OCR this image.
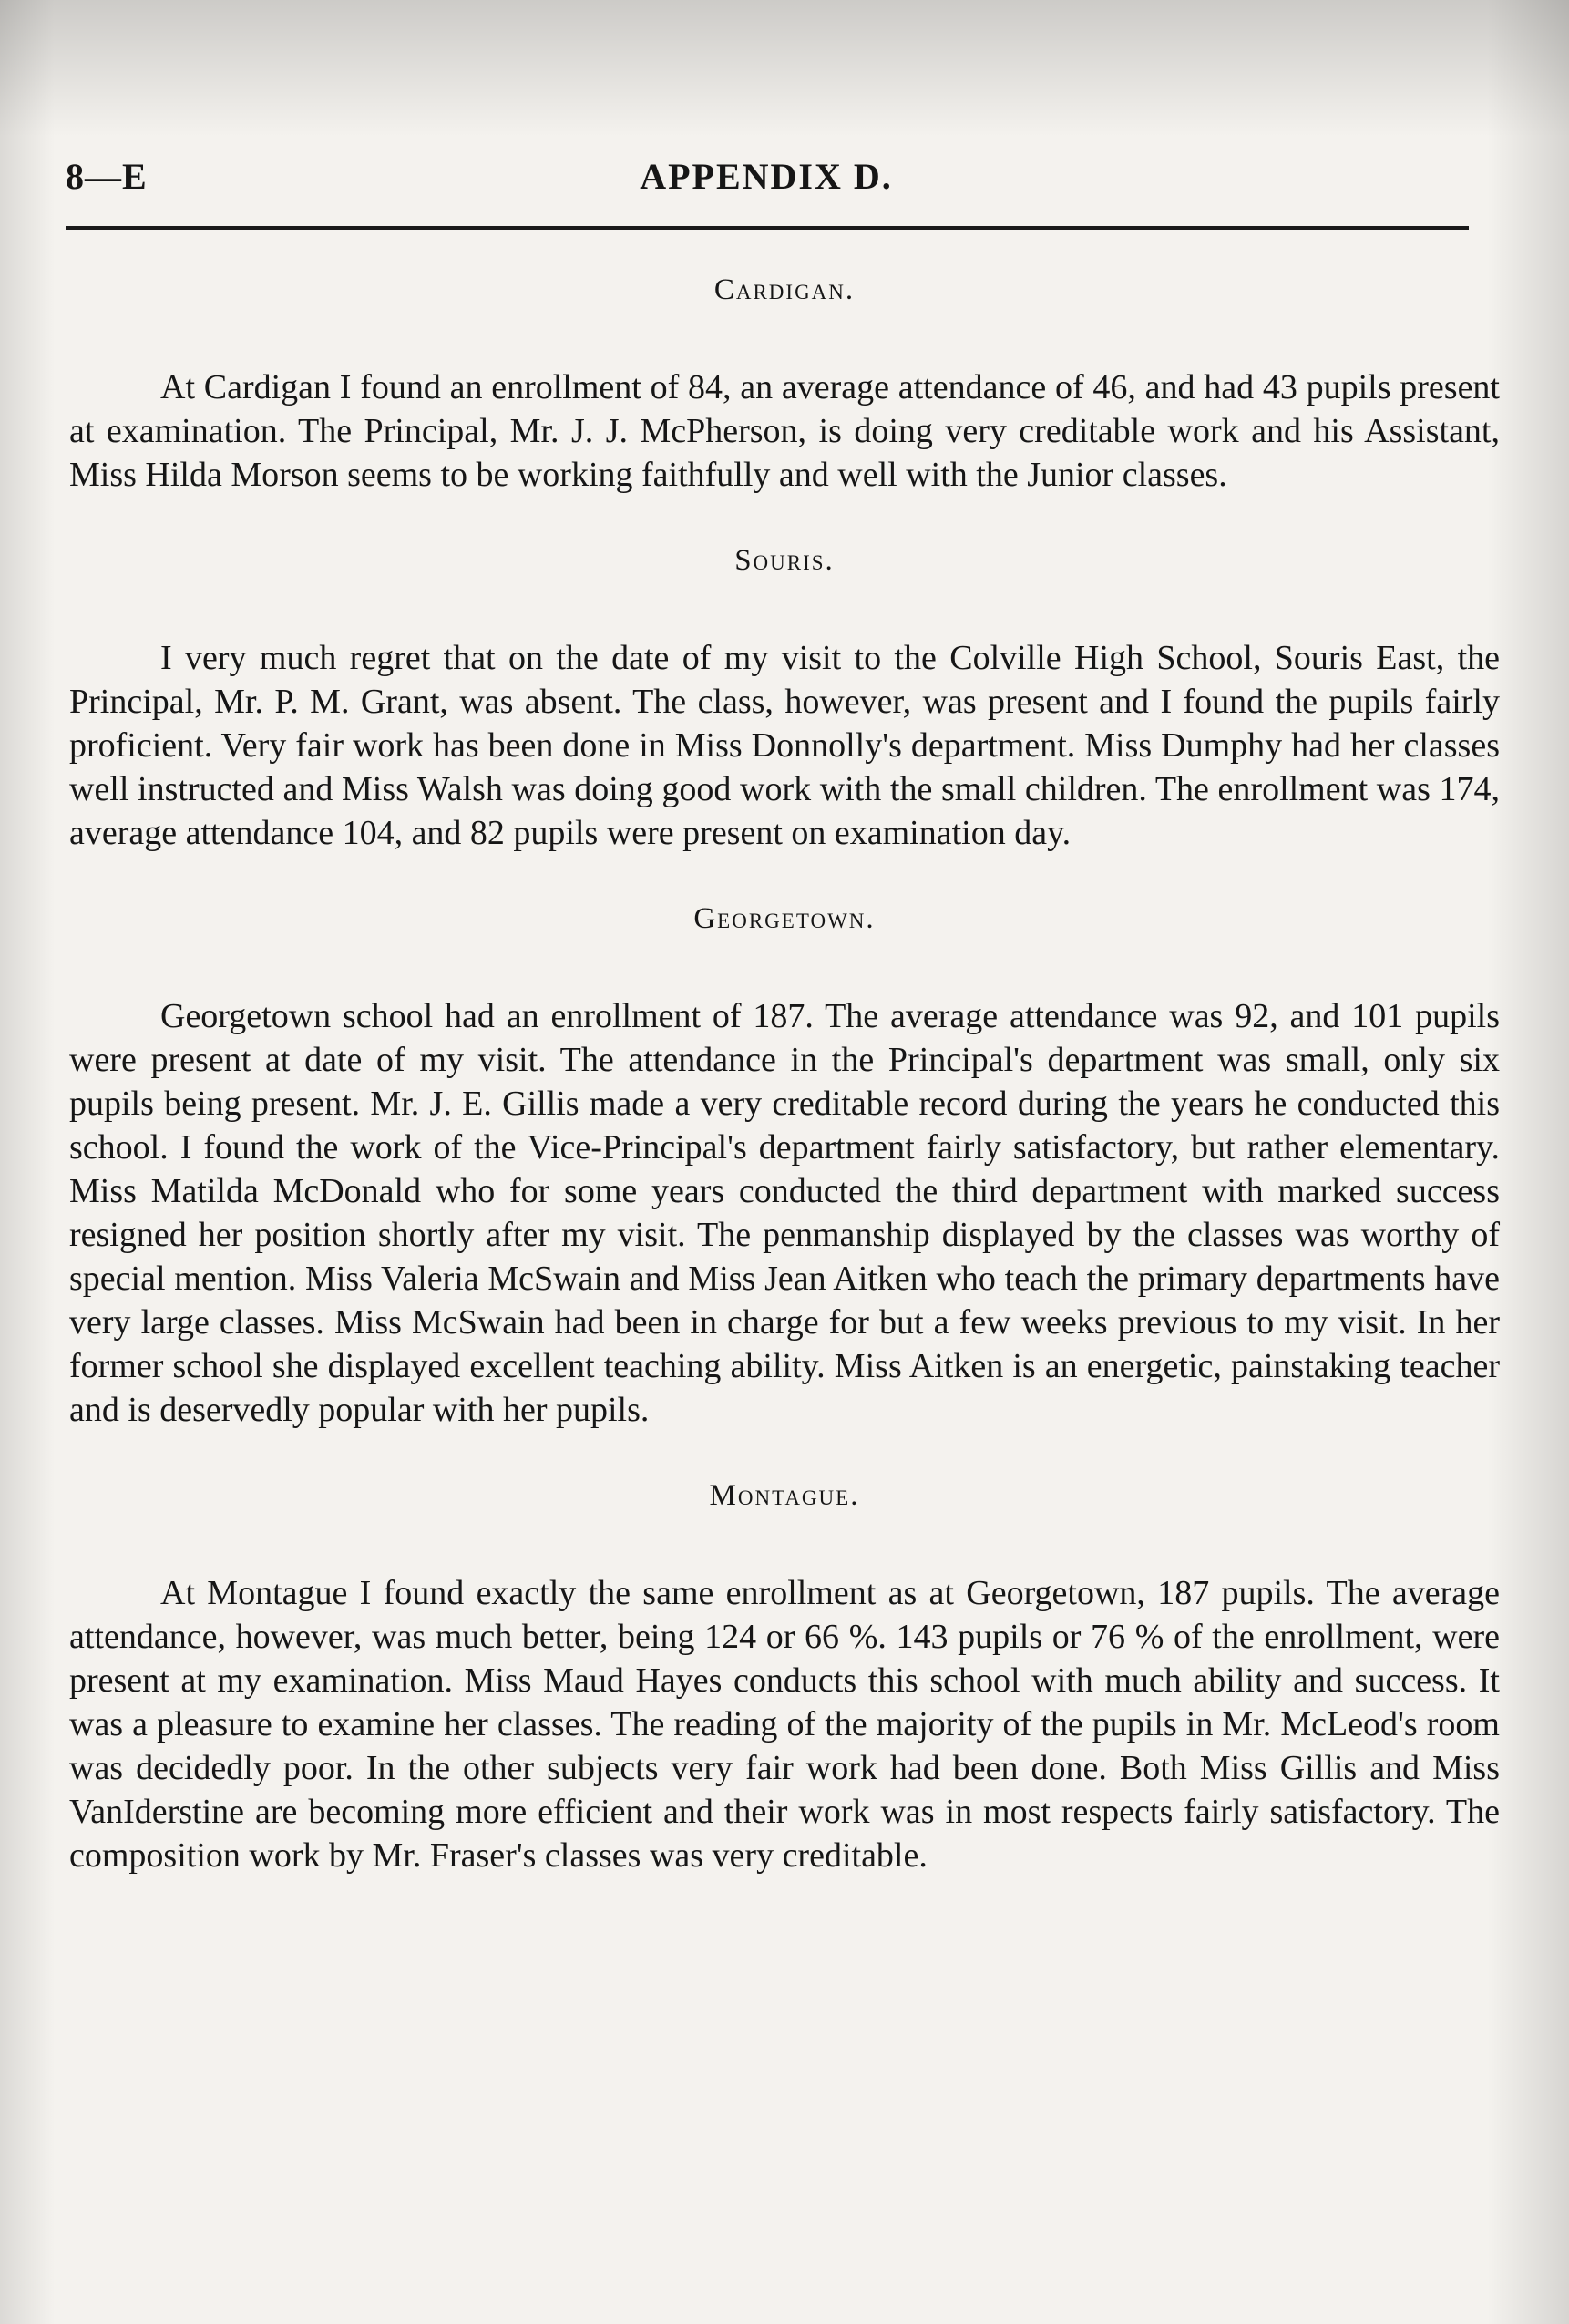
8—E	APPENDIX D.
Cardigan.

At Cardigan I found an enrollment of 84, an average attendance of 46, and had 43 pupils present at examination. The Principal, Mr. J. J. McPherson, is doing very creditable work and his Assistant, Miss Hilda Morson seems to be working faithfully and well with the Junior classes.

Souris.

I very much regret that on the date of my visit to the Colville High School, Souris East, the Principal, Mr. P. M. Grant, was absent. The class, however, was present and I found the pupils fairly proficient. Very fair work has been done in Miss Donnolly's department. Miss Dumphy had her classes well instructed and Miss Walsh was doing good work with the small children. The enrollment was 174, average attendance 104, and 82 pupils were present on examination day.

Georgetown.

Georgetown school had an enrollment of 187. The average attendance was 92, and 101 pupils were present at date of my visit. The attendance in the Principal's department was small, only six pupils being present. Mr. J. E. Gillis made a very creditable record during the years he conducted this school. I found the work of the Vice-Principal's department fairly satisfactory, but rather elementary. Miss Matilda McDonald who for some years conducted the third department with marked success resigned her position shortly after my visit. The penmanship displayed by the classes was worthy of special mention. Miss Valeria McSwain and Miss Jean Aitken who teach the primary departments have very large classes. Miss McSwain had been in charge for but a few weeks previous to my visit. In her former school she displayed excellent teaching ability. Miss Aitken is an energetic, painstaking teacher and is deservedly popular with her pupils.

Montague.

At Montague I found exactly the same enrollment as at Georgetown, 187 pupils. The average attendance, however, was much better, being 124 or 66 %. 143 pupils or 76 % of the enrollment, were present at my examination. Miss Maud Hayes conducts this school with much ability and success. It was a pleasure to examine her classes. The reading of the majority of the pupils in Mr. McLeod's room was decidedly poor. In the other subjects very fair work had been done. Both Miss Gillis and Miss VanIderstine are becoming more efficient and their work was in most respects fairly satisfactory. The composition work by Mr. Fraser's classes was very creditable.
